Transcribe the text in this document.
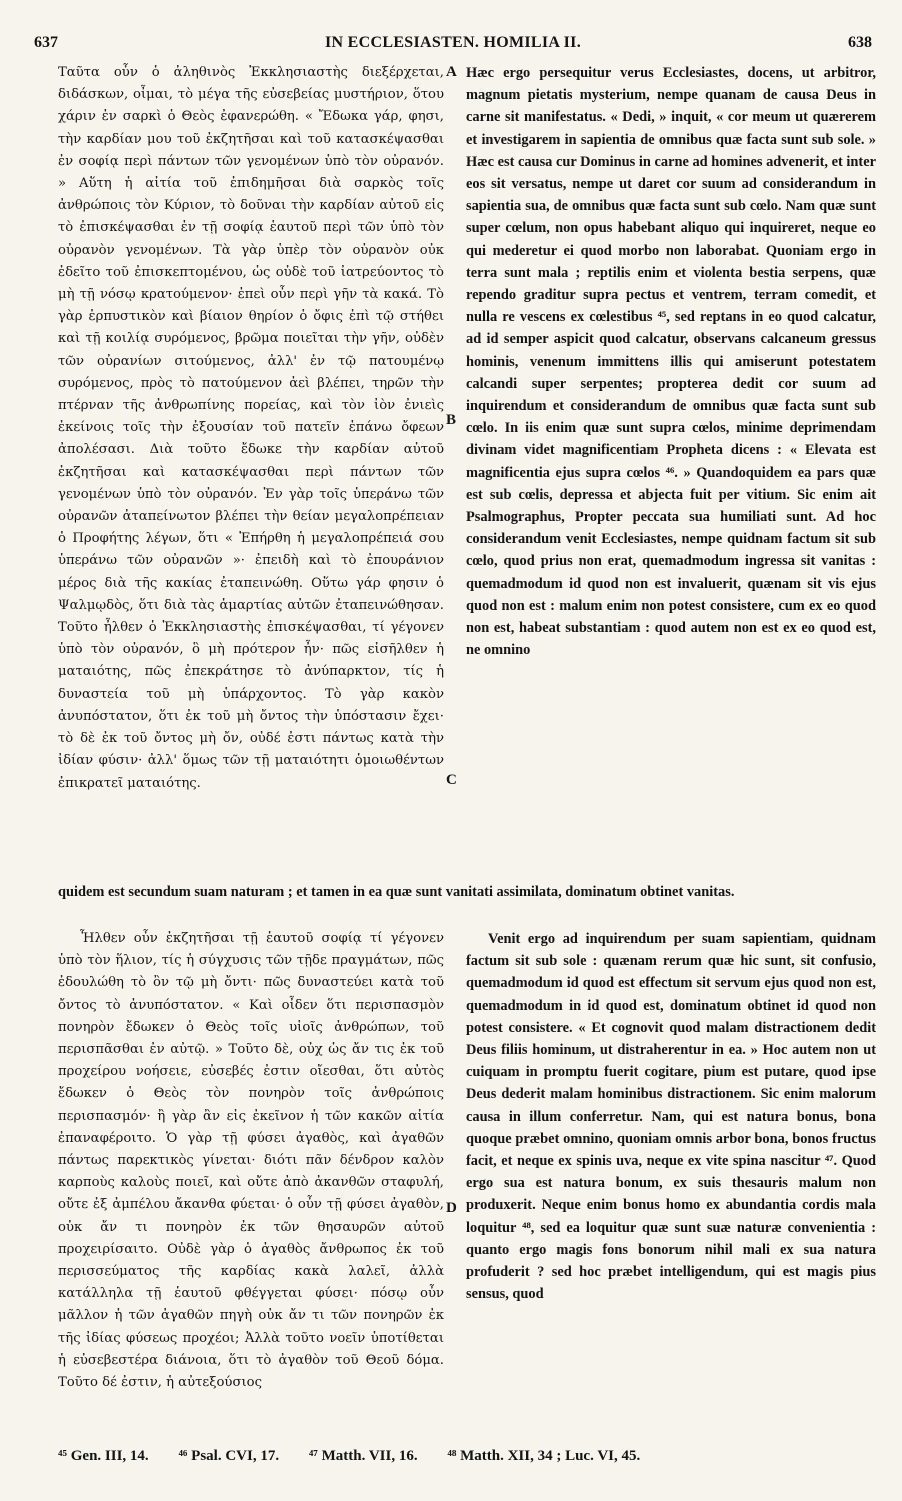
637	IN ECCLESIASTEN. HOMILIA II.	638

Ταῦτα οὖν ὁ ἀληθινὸς Ἐκκλησιαστὴς διεξέρχεται, διδάσκων, οἶμαι, τὸ μέγα τῆς εὐσεβείας μυστήριον, ὅτου χάριν ἐν σαρκὶ ὁ Θεὸς ἐφανερώθη. « Ἔδωκα γάρ, φησι, τὴν καρδίαν μου τοῦ ἐκζητῆσαι καὶ τοῦ κατασκέψασθαι ἐν σοφίᾳ περὶ πάντων τῶν γενομένων ὑπὸ τὸν οὐρανόν. » Αὕτη ἡ αἰτία τοῦ ἐπιδημῆσαι διὰ σαρκὸς τοῖς ἀνθρώποις τὸν Κύριον, τὸ δοῦναι τὴν καρδίαν αὐτοῦ εἰς τὸ ἐπισκέψασθαι ἐν τῇ σοφίᾳ ἑαυτοῦ περὶ τῶν ὑπὸ τὸν οὐρανὸν γενομένων. Τὰ γὰρ ὑπὲρ τὸν οὐρανὸν οὐκ ἐδεῖτο τοῦ ἐπισκεπτομένου, ὡς οὐδὲ τοῦ ἰατρεύοντος τὸ μὴ τῇ νόσῳ κρατούμενον· ἐπεὶ οὖν περὶ γῆν τὰ κακά. Τὸ γὰρ ἑρπυστικὸν καὶ βίαιον θηρίον ὁ ὄφις ἐπὶ τῷ στήθει καὶ τῇ κοιλίᾳ συρόμενος, βρῶμα ποιεῖται τὴν γῆν, οὐδὲν τῶν οὐρανίων σιτούμενος, ἀλλ' ἐν τῷ πατουμένῳ συρόμενος, πρὸς τὸ πατούμενον ἀεὶ βλέπει, τηρῶν τὴν πτέρναν τῆς ἀνθρωπίνης πορείας, καὶ τὸν ἰὸν ἐνιεὶς ἐκείνοις τοῖς τὴν ἐξουσίαν τοῦ πατεῖν ἐπάνω ὄφεων ἀπολέσασι. Διὰ τοῦτο ἔδωκε τὴν καρδίαν αὐτοῦ ἐκζητῆσαι καὶ κατασκέψασθαι περὶ πάντων τῶν γενομένων ὑπὸ τὸν οὐρανόν. Ἐν γὰρ τοῖς ὑπεράνω τῶν οὐρανῶν ἀταπείνωτον βλέπει τὴν θείαν μεγαλοπρέπειαν ὁ Προφήτης λέγων, ὅτι « Ἐπήρθη ἡ μεγαλοπρέπειά σου ὑπεράνω τῶν οὐρανῶν »· ἐπειδὴ καὶ τὸ ἐπουράνιον μέρος διὰ τῆς κακίας ἐταπεινώθη. Οὕτω γάρ φησιν ὁ Ψαλμῳδὸς, ὅτι διὰ τὰς ἁμαρτίας αὐτῶν ἐταπεινώθησαν. Τοῦτο ἦλθεν ὁ Ἐκκλησιαστὴς ἐπισκέψασθαι, τί γέγονεν ὑπὸ τὸν οὐρανόν, ὃ μὴ πρότερον ἦν· πῶς εἰσῆλθεν ἡ ματαιότης, πῶς ἐπεκράτησε τὸ ἀνύπαρκτον, τίς ἡ δυναστεία τοῦ μὴ ὑπάρχοντος. Τὸ γὰρ κακὸν ἀνυπόστατον, ὅτι ἐκ τοῦ μὴ ὄντος τὴν ὑπόστασιν ἔχει· τὸ δὲ ἐκ τοῦ ὄντος μὴ ὄν, οὐδέ ἐστι πάντως κατὰ τὴν ἰδίαν φύσιν· ἀλλ' ὅμως τῶν τῇ ματαιότητι ὁμοιωθέντων ἐπικρατεῖ ματαιότης.

Hæc ergo persequitur verus Ecclesiastes, docens, ut arbitror, magnum pietatis mysterium, nempe quanam de causa Deus in carne sit manifestatus. « Dedi, » inquit, « cor meum ut quærerem et investigarem in sapientia de omnibus quæ facta sunt sub sole. » Hæc est causa cur Dominus in carne ad homines advenerit, et inter eos sit versatus, nempe ut daret cor suum ad considerandum in sapientia sua, de omnibus quæ facta sunt sub cœlo. Nam quæ sunt super cœlum, non opus habebant aliquo qui inquireret, neque eo qui mederetur ei quod morbo non laborabat. Quoniam ergo in terra sunt mala ; reptilis enim et violenta bestia serpens, quæ rependo graditur supra pectus et ventrem, terram comedit, et nulla re vescens ex cœlestibus ⁴⁵, sed reptans in eo quod calcatur, ad id semper aspicit quod calcatur, observans calcaneum gressus hominis, venenum immittens illis qui amiserunt potestatem calcandi super serpentes; propterea dedit cor suum ad inquirendum et considerandum de omnibus quæ facta sunt sub cœlo. In iis enim quæ sunt supra cœlos, minime deprimendam divinam videt magnificentiam Propheta dicens : « Elevata est magnificentia ejus supra cœlos ⁴⁶. » Quandoquidem ea pars quæ est sub cœlis, depressa et abjecta fuit per vitium. Sic enim ait Psalmographus, Propter peccata sua humiliati sunt. Ad hoc considerandum venit Ecclesiastes, nempe quidnam factum sit sub cœlo, quod prius non erat, quemadmodum ingressa sit vanitas : quemadmodum id quod non est invaluerit, quænam sit vis ejus quod non est : malum enim non potest consistere, cum ex eo quod non est, habeat substantiam : quod autem non est ex eo quod est, ne omnino

A
B
C
D
quidem est secundum suam naturam ; et tamen in ea quæ sunt vanitati assimilata, dominatum obtinet vanitas.

Ἦλθεν οὖν ἐκζητῆσαι τῇ ἑαυτοῦ σοφίᾳ τί γέγονεν ὑπὸ τὸν ἥλιον, τίς ἡ σύγχυσις τῶν τῇδε πραγμάτων, πῶς ἐδουλώθη τὸ ὂν τῷ μὴ ὄντι· πῶς δυναστεύει κατὰ τοῦ ὄντος τὸ ἀνυπόστατον. « Καὶ οἶδεν ὅτι περισπασμὸν πονηρὸν ἔδωκεν ὁ Θεὸς τοῖς υἱοῖς ἀνθρώπων, τοῦ περισπᾶσθαι ἐν αὐτῷ. » Τοῦτο δὲ, οὐχ ὡς ἄν τις ἐκ τοῦ προχείρου νοήσειε, εὐσεβές ἐστιν οἴεσθαι, ὅτι αὐτὸς ἔδωκεν ὁ Θεὸς τὸν πονηρὸν τοῖς ἀνθρώποις περισπασμόν· ἢ γὰρ ἂν εἰς ἐκεῖνον ἡ τῶν κακῶν αἰτία ἐπαναφέροιτο. Ὁ γὰρ τῇ φύσει ἀγαθὸς, καὶ ἀγαθῶν πάντως παρεκτικὸς γίνεται· διότι πᾶν δένδρον καλὸν καρποὺς καλοὺς ποιεῖ, καὶ οὔτε ἀπὸ ἀκανθῶν σταφυλή, οὔτε ἐξ ἀμπέλου ἄκανθα φύεται· ὁ οὖν τῇ φύσει ἀγαθὸν, οὐκ ἄν τι πονηρὸν ἐκ τῶν θησαυρῶν αὐτοῦ προχειρίσαιτο. Οὐδὲ γὰρ ὁ ἀγαθὸς ἄνθρωπος ἐκ τοῦ περισσεύματος τῆς καρδίας κακὰ λαλεῖ, ἀλλὰ κατάλληλα τῇ ἑαυτοῦ φθέγγεται φύσει· πόσῳ οὖν μᾶλλον ἡ τῶν ἀγαθῶν πηγὴ οὐκ ἄν τι τῶν πονηρῶν ἐκ τῆς ἰδίας φύσεως προχέοι; Ἀλλὰ τοῦτο νοεῖν ὑποτίθεται ἡ εὐσεβεστέρα διάνοια, ὅτι τὸ ἀγαθὸν τοῦ Θεοῦ δόμα. Τοῦτο δέ ἐστιν, ἡ αὐτεξούσιος

Venit ergo ad inquirendum per suam sapientiam, quidnam factum sit sub sole : quænam rerum quæ hic sunt, sit confusio, quemadmodum id quod est effectum sit servum ejus quod non est, quemadmodum in id quod est, dominatum obtinet id quod non potest consistere. « Et cognovit quod malam distractionem dedit Deus filiis hominum, ut distraherentur in ea. » Hoc autem non ut cuiquam in promptu fuerit cogitare, pium est putare, quod ipse Deus dederit malam hominibus distractionem. Sic enim malorum causa in illum conferretur. Nam, qui est natura bonus, bona quoque præbet omnino, quoniam omnis arbor bona, bonos fructus facit, et neque ex spinis uva, neque ex vite spina nascitur ⁴⁷. Quod ergo sua est natura bonum, ex suis thesauris malum non produxerit. Neque enim bonus homo ex abundantia cordis mala loquitur ⁴⁸, sed ea loquitur quæ sunt suæ naturæ convenientia : quanto ergo magis fons bonorum nihil mali ex sua natura profuderit ? sed hoc præbet intelligendum, qui est magis pius sensus, quod

⁴⁵ Gen. III, 14. ⁴⁶ Psal. CVI, 17. ⁴⁷ Matth. VII, 16. ⁴⁸ Matth. XII, 34 ; Luc. VI, 45.
